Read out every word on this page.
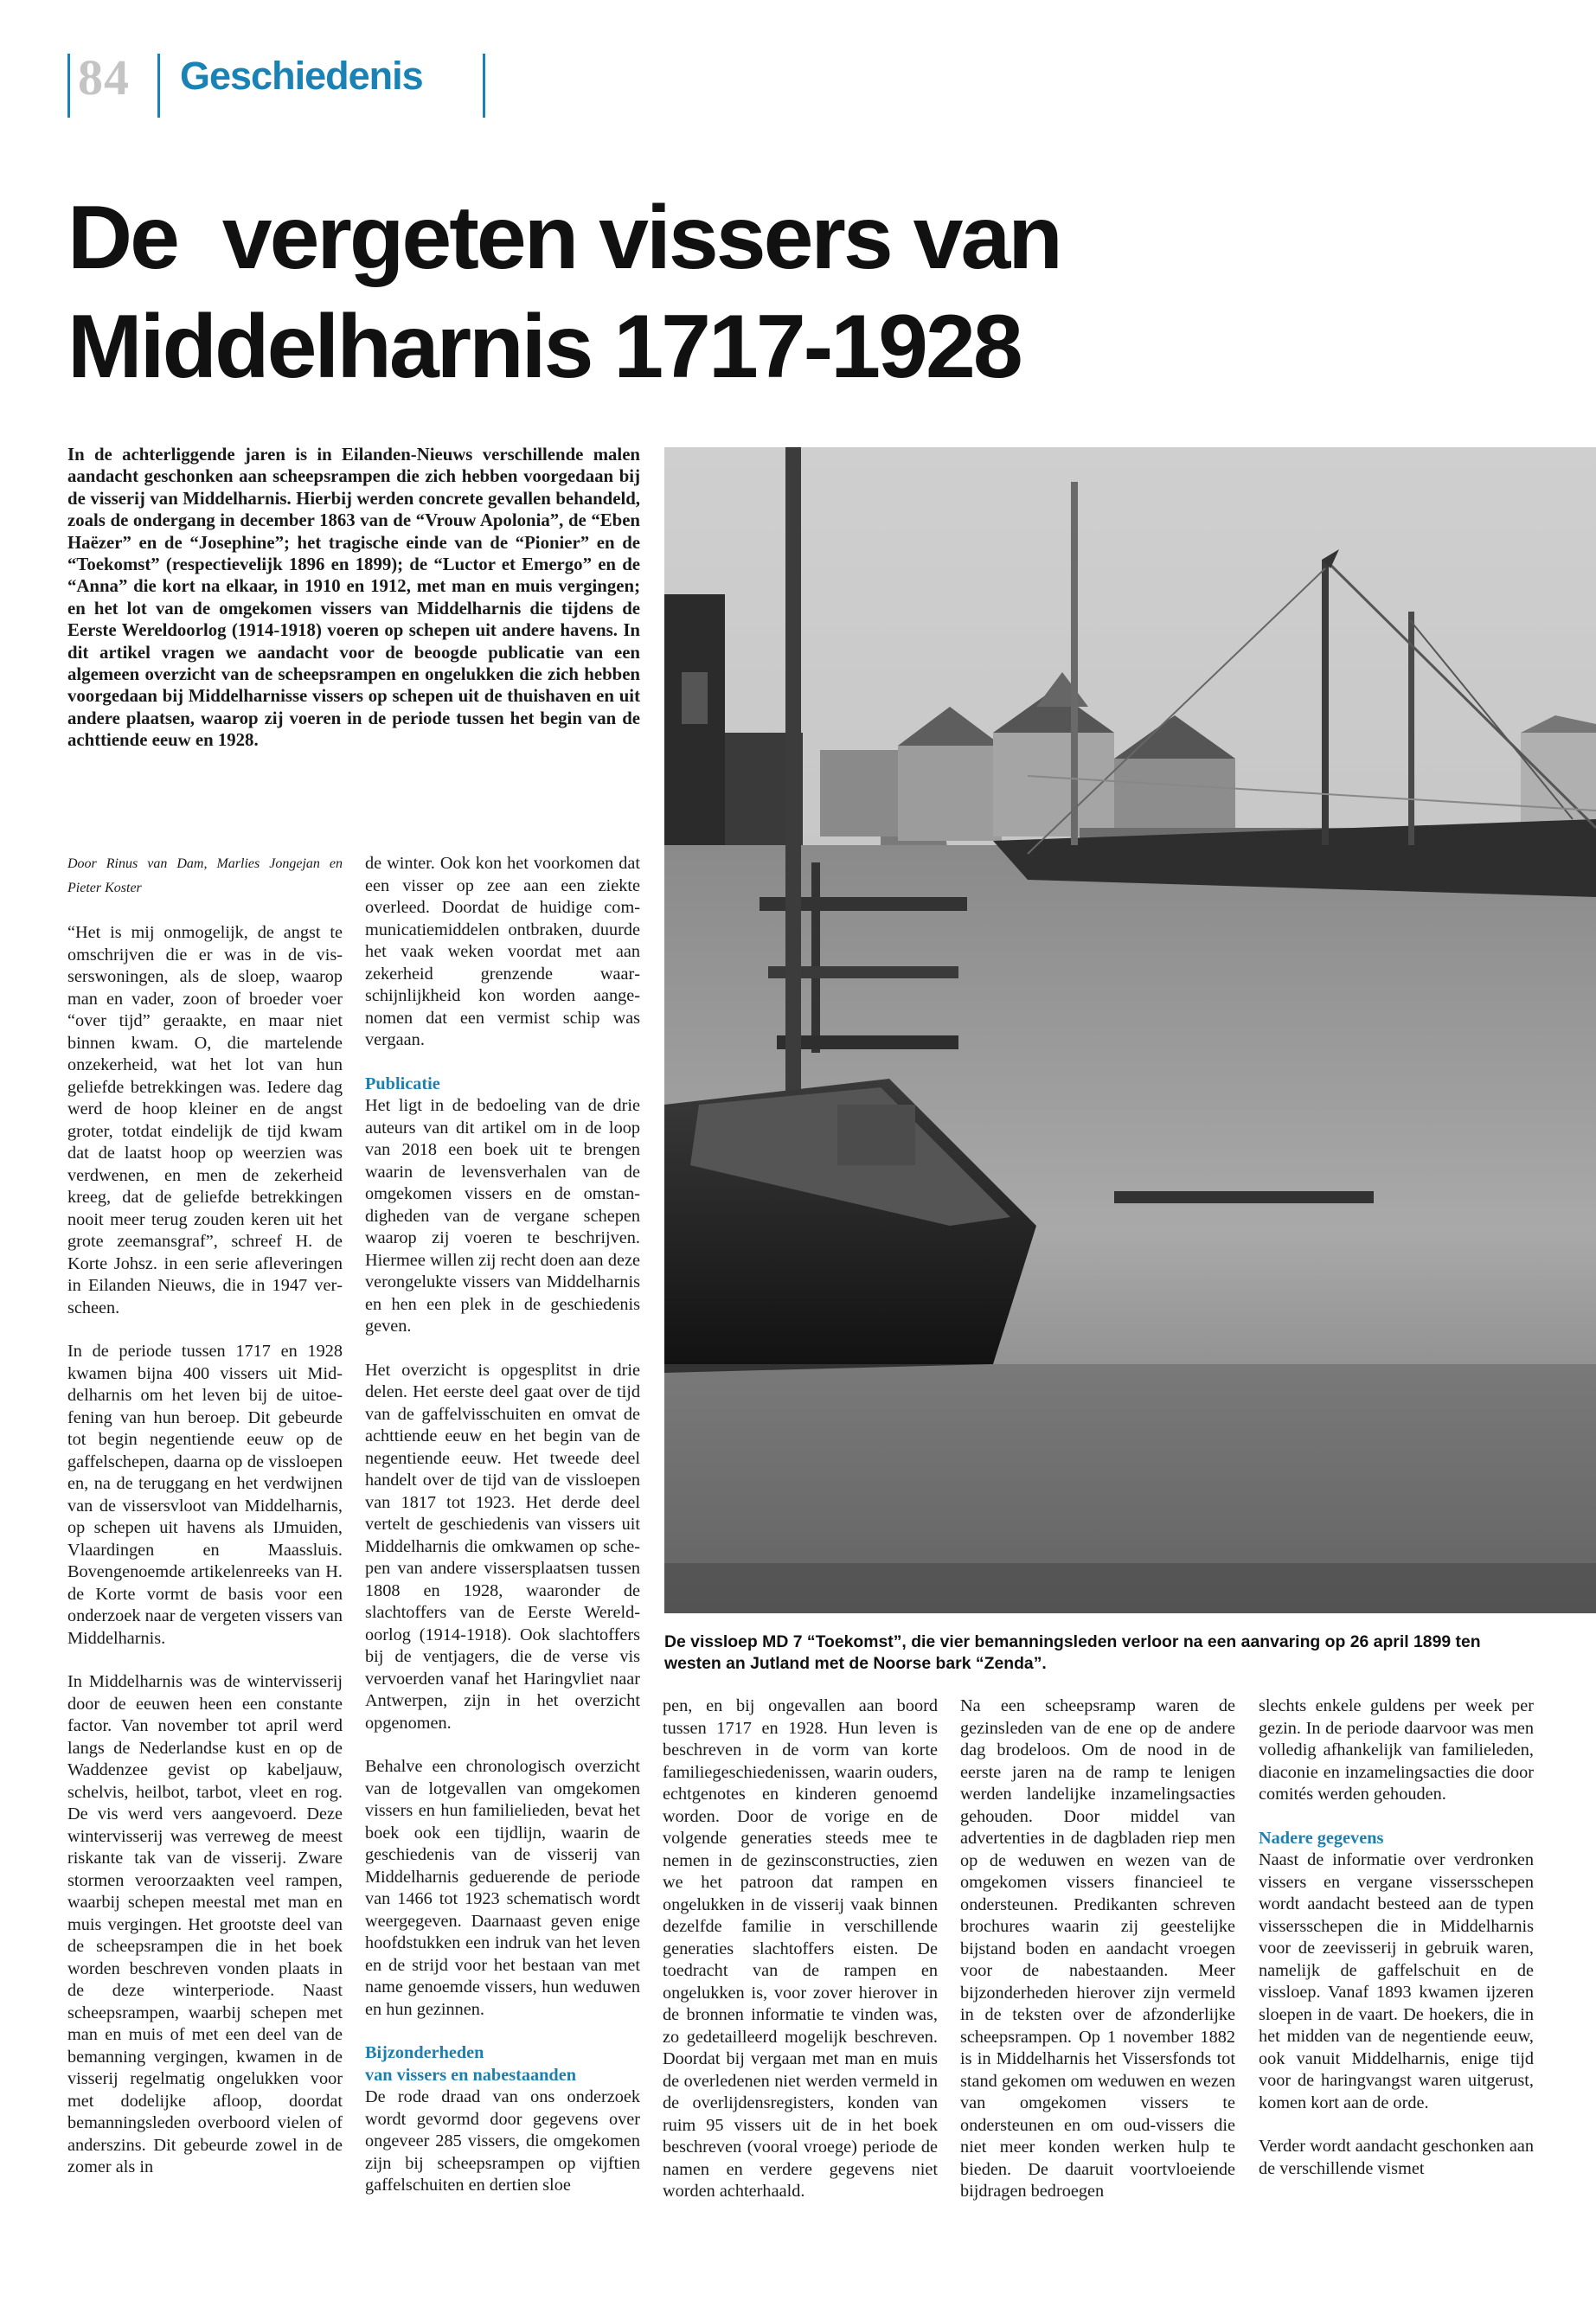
84 Geschiedenis
De  vergeten vissers van
Middelharnis 1717-1928

In de achterliggende jaren is in Eilanden-Nieuws verschillende malen aandacht geschonken aan scheepsrampen die zich hebben voorgedaan bij de visserij van Middelharnis. Hierbij werden concrete gevallen behandeld, zoals de ondergang in december 1863 van de “Vrouw Apolonia”, de “Eben Haëzer” en de “Josephine”; het tragische einde van de “Pionier” en de “Toekomst” (respectievelijk 1896 en 1899); de “Luctor et Emergo” en de “Anna” die kort na elkaar, in 1910 en 1912, met man en muis vergingen; en het lot van de omgekomen vissers van Middelharnis die tijdens de Eerste Wereldoorlog (1914-1918) voeren op schepen uit andere havens. In dit artikel vragen we aandacht voor de beoogde publicatie van een algemeen overzicht van de scheepsrampen en ongelukken die zich hebben voorgedaan bij Middelharnisse vissers op schepen uit de thuishaven en uit andere plaatsen, waarop zij voeren in de periode tussen het begin van de achttiende eeuw en 1928.

Door Rinus van Dam, Marlies Jongejan en Pieter Koster

“Het is mij onmogelijk, de angst te omschrijven die er was in de visserswoningen, als de sloep, waarop man en vader, zoon of broeder voer “over tijd” geraakte, en maar niet binnen kwam. O, die martelende onzekerheid, wat het lot van hun geliefde betrekkingen was. Iedere dag werd de hoop kleiner en de angst groter, totdat eindelijk de tijd kwam dat de laatst hoop op weerzien was verdwenen, en men de zekerheid kreeg, dat de geliefde betrekkingen nooit meer terug zouden keren uit het grote zeemansgraf”, schreef H. de Korte Johsz. in een serie afleveringen in Eilanden Nieuws, die in 1947 verscheen.

In de periode tussen 1717 en 1928 kwamen bijna 400 vissers uit Middelharnis om het leven bij de uitoefening van hun beroep. Dit gebeurde tot begin negentiende eeuw op de gaffelschepen, daarna op de vissloepen en, na de teruggang en het verdwijnen van de vissersvloot van Middelharnis, op schepen uit havens als IJmuiden, Vlaardingen en Maassluis. Bovengenoemde artikelenreeks van H. de Korte vormt de basis voor een onderzoek naar de vergeten vissers van Middelharnis.

In Middelharnis was de wintervisserij door de eeuwen heen een constante factor. Van november tot april werd langs de Nederlandse kust en op de Waddenzee gevist op kabeljauw, schelvis, heilbot, tarbot, vleet en rog. De vis werd vers aangevoerd. Deze wintervisserij was verreweg de meest riskante tak van de visserij. Zware stormen veroorzaakten veel rampen, waarbij schepen meestal met man en muis vergingen. Het grootste deel van de scheepsrampen die in het boek worden beschreven vonden plaats in de deze winterperiode. Naast scheepsrampen, waarbij schepen met man en muis of met een deel van de bemanning vergingen, kwamen in de visserij regelmatig ongelukken voor met dodelijke afloop, doordat bemanningsleden overboord vielen of anderszins. Dit gebeurde zowel in de zomer als in

de winter. Ook kon het voorkomen dat een visser op zee aan een ziekte overleed. Doordat de huidige communicatiemiddelen ontbraken, duurde het vaak weken voordat met aan zekerheid grenzende waarschijnlijkheid kon worden aangenomen dat een vermist schip was vergaan.

Publicatie

Het ligt in de bedoeling van de drie auteurs van dit artikel om in de loop van 2018 een boek uit te brengen waarin de levensverhalen van de omgekomen vissers en de omstandigheden van de vergane schepen waarop zij voeren te beschrijven. Hiermee willen zij recht doen aan deze verongelukte vissers van Middelharnis en hen een plek in de geschiedenis geven.

Het overzicht is opgesplitst in drie delen. Het eerste deel gaat over de tijd van de gaffelvisschuiten en omvat de achttiende eeuw en het begin van de negentiende eeuw. Het tweede deel handelt over de tijd van de vissloepen van 1817 tot 1923. Het derde deel vertelt de geschiedenis van vissers uit Middelharnis die omkwamen op schepen van andere vissersplaatsen tussen 1808 en 1928, waaronder de slachtoffers van de Eerste Wereldoorlog (1914-1918). Ook slachtoffers bij de ventjagers, die de verse vis vervoerden vanaf het Haringvliet naar Antwerpen, zijn in het overzicht opgenomen.

Behalve een chronologisch overzicht van de lotgevallen van omgekomen vissers en hun familielieden, bevat het boek ook een tijdlijn, waarin de geschiedenis van de visserij van Middelharnis geduerende de periode van 1466 tot 1923 schematisch wordt weergegeven. Daarnaast geven enige hoofdstukken een indruk van het leven en de strijd voor het bestaan van met name genoemde vissers, hun weduwen en hun gezinnen.

Bijzonderheden
van vissers en nabestaanden

De rode draad van ons onderzoek wordt gevormd door gegevens over ongeveer 285 vissers, die omgekomen zijn bij scheepsrampen op vijftien gaffelschuiten en dertien sloe

De vissloep MD 7 “Toekomst”, die vier bemanningsleden verloor na een aanvaring op 26 april 1899 ten westen an Jutland met de Noorse bark “Zenda”.

pen, en bij ongevallen aan boord tussen 1717 en 1928. Hun leven is beschreven in de vorm van korte familiegeschiedenissen, waarin ouders, echtgenotes en kinderen genoemd worden. Door de vorige en de volgende generaties steeds mee te nemen in de gezinsconstructies, zien we het patroon dat rampen en ongelukken in de visserij vaak binnen dezelfde familie in verschillende generaties slachtoffers eisten. De toedracht van de rampen en ongelukken is, voor zover hierover in de bronnen informatie te vinden was, zo gedetailleerd mogelijk beschreven. Doordat bij vergaan met man en muis de overledenen niet werden vermeld in de overlijdensregisters, konden van ruim 95 vissers uit de in het boek beschreven (vooral vroege) periode de namen en verdere gegevens niet worden achterhaald.

Na een scheepsramp waren de gezinsleden van de ene op de andere dag brodeloos. Om de nood in de eerste jaren na de ramp te lenigen werden landelijke inzamelingsacties gehouden. Door middel van advertenties in de dagbladen riep men op de weduwen en wezen van de omgekomen vissers financieel te ondersteunen. Predikanten schreven brochures waarin zij geestelijke bijstand boden en aandacht vroegen voor de nabestaanden. Meer bijzonderheden hierover zijn vermeld in de teksten over de afzonderlijke scheepsrampen. Op 1 november 1882 is in Middelharnis het Vissersfonds tot stand gekomen om weduwen en wezen van omgekomen vissers te ondersteunen en om oud-vissers die niet meer konden werken hulp te bieden. De daaruit voortvloeiende bijdragen bedroegen

slechts enkele guldens per week per gezin. In de periode daarvoor was men volledig afhankelijk van familieleden, diaconie en inzamelingsacties die door comités werden gehouden.

Nadere gegevens

Naast de informatie over verdronken vissers en vergane vissersschepen wordt aandacht besteed aan de typen vissersschepen die in Middelharnis voor de zeevisserij in gebruik waren, namelijk de gaffelschuit en de vissloep. Vanaf 1893 kwamen ijzeren sloepen in de vaart. De hoekers, die in het midden van de negentiende eeuw, ook vanuit Middelharnis, enige tijd voor de haringvangst waren uitgerust, komen kort aan de orde.

Verder wordt aandacht geschonken aan de verschillende vismet
